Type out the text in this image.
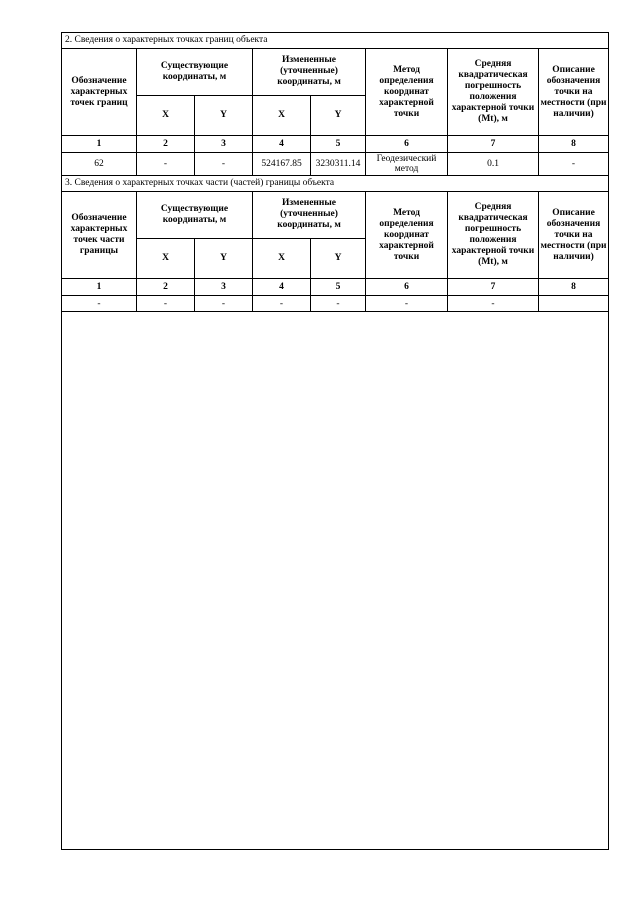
2. Сведения о характерных точках границ объекта
Обозначение характерных точек границ	Существующие координаты, м		Измененные (уточненные) координаты, м		Метод определения координат характерной точки	Средняя квадратическая погрешность положения характерной точки (Mt), м	Описание обозначения точки на местности (при наличии)
	X	Y	X	Y			
1	2	3	4	5	6	7	8
62	-	-	524167.85	3230311.14	Геодезический метод	0.1	-
3. Сведения о характерных точках части (частей) границы объекта
Обозначение характерных точек части границы	Существующие координаты, м		Измененные (уточненные) координаты, м		Метод определения координат характерной точки	Средняя квадратическая погрешность положения характерной точки (Mt), м	Описание обозначения точки на местности (при наличии)
	X	Y	X	Y			
1	2	3	4	5	6	7	8
-	-	-	-	-	-	-	
